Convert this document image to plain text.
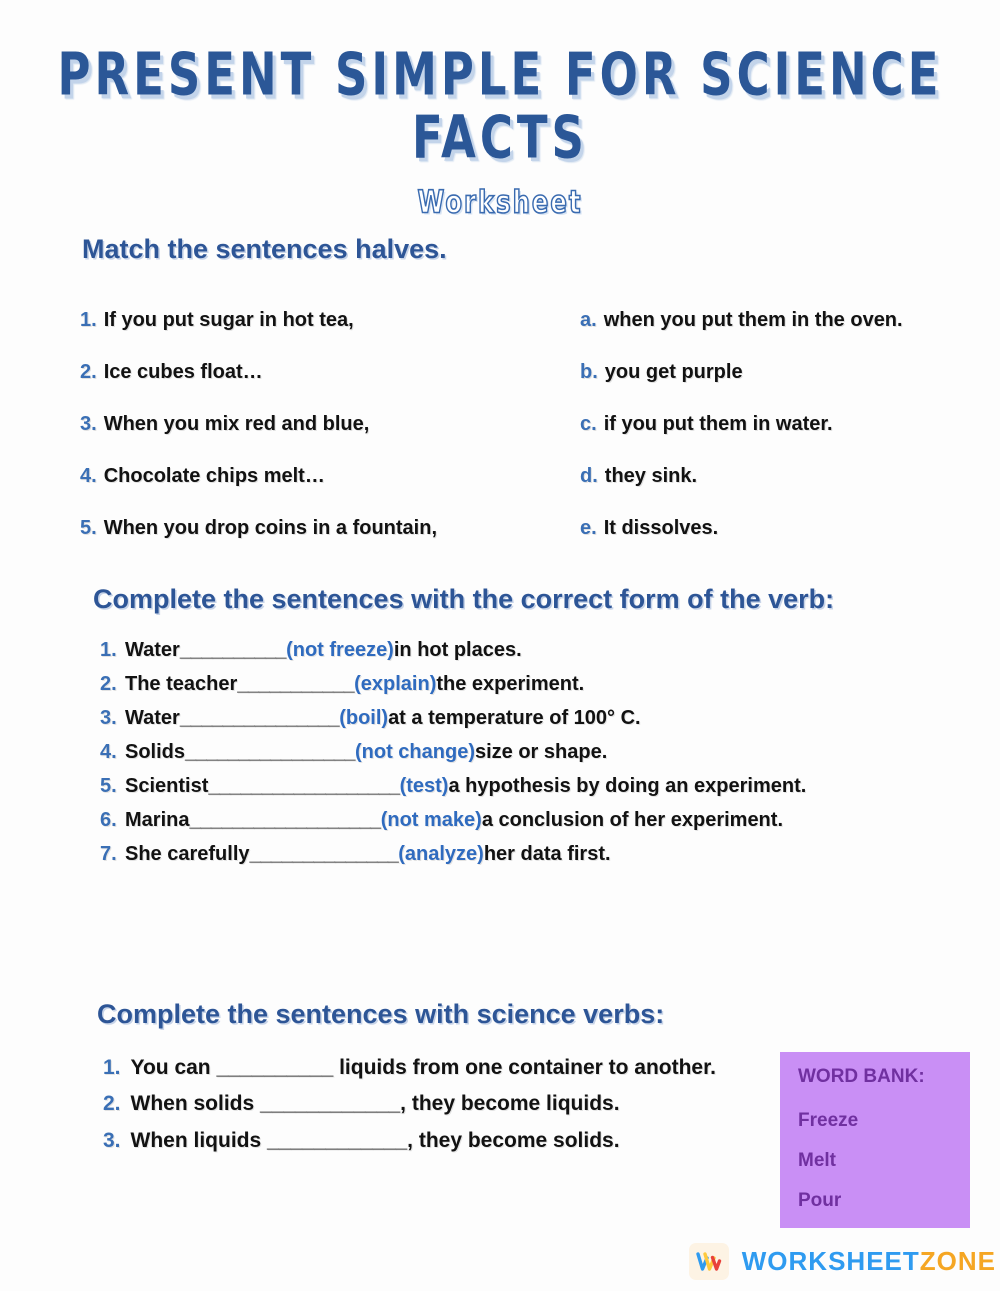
PRESENT SIMPLE FOR SCIENCE FACTS
Worksheet
Match the sentences halves.
1. If you put sugar in hot tea,
2. Ice cubes float…
3. When you mix red and blue,
4. Chocolate chips melt…
5. When you drop coins in a fountain,
a. when you put them in the oven.
b. you get purple
c. if you put them in water.
d. they sink.
e. It dissolves.
Complete the sentences with the correct form of the verb:
1. Water __________ (not freeze) in hot places.
2. The teacher ___________ (explain) the experiment.
3. Water _______________ (boil) at a temperature of 100° C.
4. Solids ________________ (not change) size or shape.
5. Scientist __________________ (test) a hypothesis by doing an experiment.
6. Marina __________________ (not make) a conclusion of her experiment.
7. She carefully ______________ (analyze) her data first.
Complete the sentences with science verbs:
1. You can __________ liquids from one container to another.
2. When solids ____________, they become liquids.
3. When liquids ____________, they become solids.
WORD BANK:
Freeze
Melt
Pour
WORKSHEETZONE
